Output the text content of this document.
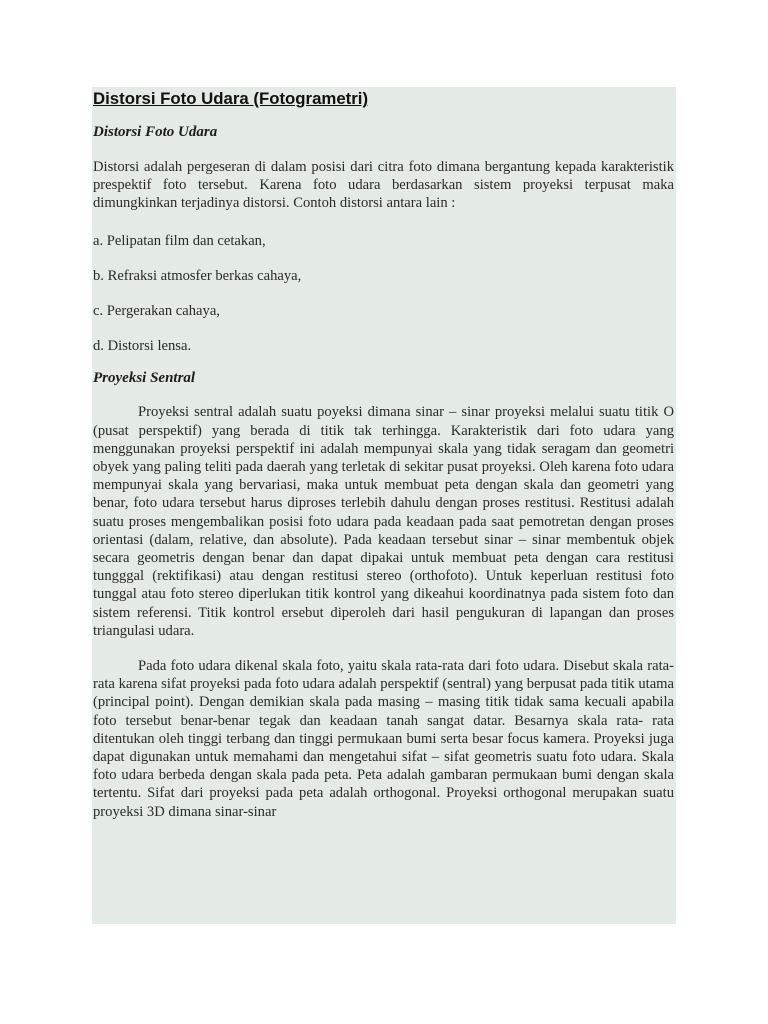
Distorsi Foto Udara (Fotogrametri)
Distorsi Foto Udara

Distorsi adalah pergeseran di dalam posisi dari citra foto dimana bergantung kepada karakteristik prespektif foto tersebut. Karena foto udara berdasarkan sistem proyeksi terpusat maka dimungkinkan terjadinya distorsi. Contoh distorsi antara lain :

a. Pelipatan film dan cetakan,

b. Refraksi atmosfer berkas cahaya,

c. Pergerakan cahaya,

d. Distorsi lensa.

Proyeksi Sentral

Proyeksi sentral adalah suatu poyeksi dimana sinar – sinar proyeksi melalui suatu titik O (pusat perspektif) yang berada di titik tak terhingga. Karakteristik dari foto udara yang menggunakan proyeksi perspektif ini adalah mempunyai skala yang tidak seragam dan geometri obyek yang paling teliti pada daerah yang terletak di sekitar pusat proyeksi. Oleh karena foto udara mempunyai skala yang bervariasi, maka untuk membuat peta dengan skala dan geometri yang benar, foto udara tersebut harus diproses terlebih dahulu dengan proses restitusi. Restitusi adalah suatu proses mengembalikan posisi foto udara pada keadaan pada saat pemotretan dengan proses orientasi (dalam, relative, dan absolute). Pada keadaan tersebut sinar – sinar membentuk objek secara geometris dengan benar dan dapat dipakai untuk membuat peta dengan cara restitusi tungggal (rektifikasi) atau dengan restitusi stereo (orthofoto). Untuk keperluan restitusi foto tunggal atau foto stereo diperlukan titik kontrol yang dikeahui koordinatnya pada sistem foto dan sistem referensi. Titik kontrol ersebut diperoleh dari hasil pengukuran di lapangan dan proses triangulasi udara.

Pada foto udara dikenal skala foto, yaitu skala rata-rata dari foto udara. Disebut skala rata-rata karena sifat proyeksi pada foto udara adalah perspektif (sentral) yang berpusat pada titik utama (principal point). Dengan demikian skala pada masing – masing titik tidak sama kecuali apabila foto tersebut benar-benar tegak dan keadaan tanah sangat datar. Besarnya skala rata- rata ditentukan oleh tinggi terbang dan tinggi permukaan bumi serta besar focus kamera. Proyeksi juga dapat digunakan untuk memahami dan mengetahui sifat – sifat geometris suatu foto udara. Skala foto udara berbeda dengan skala pada peta. Peta adalah gambaran permukaan bumi dengan skala tertentu. Sifat dari proyeksi pada peta adalah orthogonal. Proyeksi orthogonal merupakan suatu proyeksi 3D dimana sinar-sinar
